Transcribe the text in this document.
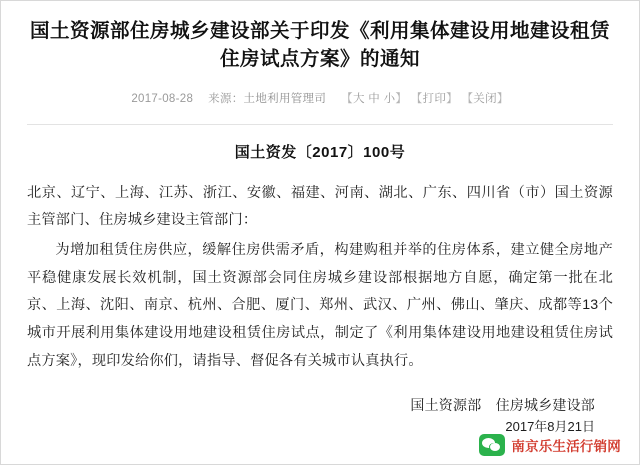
国土资源部住房城乡建设部关于印发《利用集体建设用地建设租赁住房试点方案》的通知
2017-08-28 来源：土地利用管理司 【大 中 小】 【打印】 【关闭】
国土资发〔2017〕100号

北京、辽宁、上海、江苏、浙江、安徽、福建、河南、湖北、广东、四川省（市）国土资源主管部门、住房城乡建设主管部门：

为增加租赁住房供应，缓解住房供需矛盾，构建购租并举的住房体系，建立健全房地产平稳健康发展长效机制，国土资源部会同住房城乡建设部根据地方自愿，确定第一批在北京、上海、沈阳、南京、杭州、合肥、厦门、郑州、武汉、广州、佛山、肇庆、成都等13个城市开展利用集体建设用地建设租赁住房试点，制定了《利用集体建设用地建设租赁住房试点方案》，现印发给你们，请指导、督促各有关城市认真执行。

国土资源部　住房城乡建设部
2017年8月21日
南京乐生活行销网
